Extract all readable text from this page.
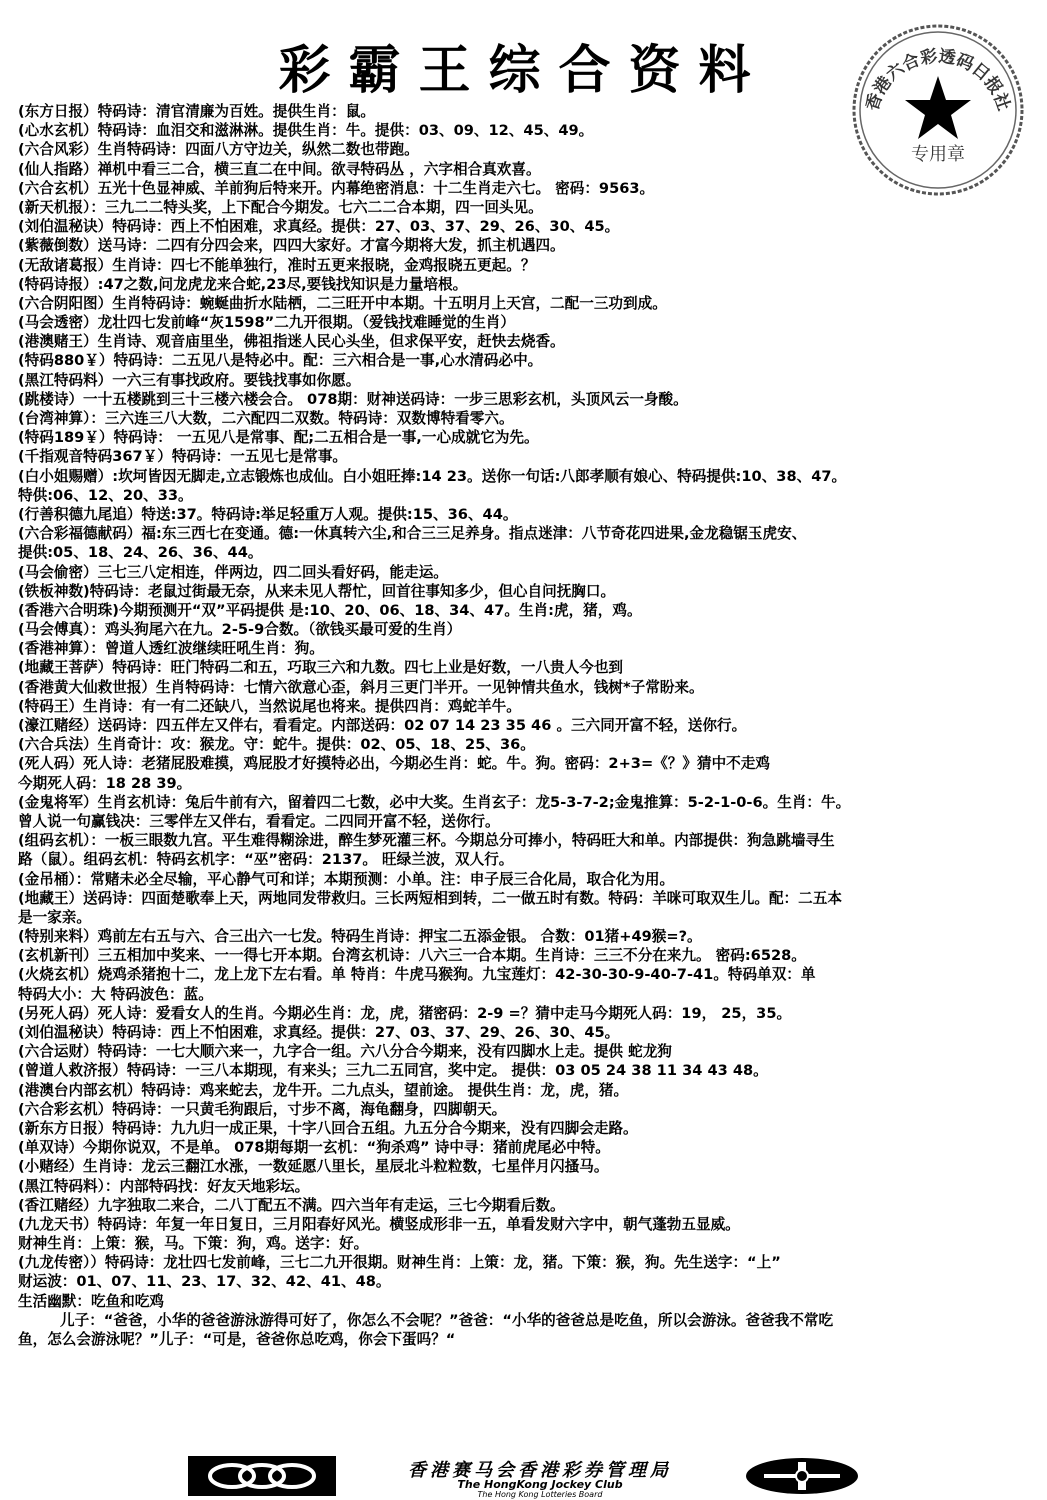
彩霸王综合资料
香港六合彩透码日报社
专用章
(东方日报）特码诗：清官清廉为百姓。提供生肖：鼠。
(心水玄机）特码诗：血泪交和滋淋淋。提供生肖：牛。提供：03、09、12、45、49。
(六合风彩）生肖特码诗：四面八方守边关，纵然二数也带跑。
(仙人指路）禅机中看三二合，横三直二在中间。欲寻特码丛 ，六字相合真欢喜。
(六合玄机）五光十色显神威、羊前狗后特来开。内幕绝密消息：十二生肖走六七。 密码：9563。
(新天机报）：三九二二特头奖，上下配合今期发。七六二二合本期，四一回头见。
(刘伯温秘诀）特码诗：西上不怕困难，求真经。提供：27、03、37、29、26、30、45。
(紫薇倒数）送马诗：二四有分四会来，四四大家好。才富今期将大发，抓主机遇四。
(无敌诸葛报）生肖诗：四七不能单独行，准时五更来报晓，金鸡报晓五更起。？
(特码诗报）:47之数,问龙虎龙来合蛇,23尽,要钱找知识是力量培根。
(六合阴阳图）生肖特码诗：蜿蜒曲折水陆栖，二三旺开中本期。十五明月上天宫，二配一三功到成。
(马会透密）龙壮四七发前峰“灰1598”二九开很期。（爱钱找难睡觉的生肖）
(港澳赌王）生肖诗、观音庙里坐，佛祖指迷人民心头坐，但求保平安，赶快去烧香。
(特码880￥）特码诗：二五见八是特必中。配：三六相合是一事,心水清码必中。
(黑江特码料）一六三有事找政府。要钱找事如你愿。
(跳楼诗）一十五楼跳到三十三楼六楼会合。 078期：财神送码诗：一步三思彩玄机，头顶风云一身酸。
(台湾神算）：三六连三八大数，二六配四二双数。特码诗：双数博特看零六。
(特码189￥）特码诗： 一五见八是常事、配;二五相合是一事,一心成就它为先。
(千指观音特码367￥）特码诗：一五见七是常事。
(白小姐赐赠）:坎坷皆因无脚走,立志锻炼也成仙。白小姐旺捧:14 23。送你一句话:八郎孝顺有娘心、特码提供:10、38、47。
特供:06、12、20、33。
(行善积德九尾追）特送:37。特码诗:举足轻重万人观。提供:15、36、44。
(六合彩福德献码）福:东三西七在变通。德:一休真转六尘,和合三三足养身。指点迷津：八节奇花四进果,金龙稳锯玉虎安、
提供:05、18、24、26、36、44。
(马会偷密）三七三八定相连，伴两边，四二回头看好码，能走运。
(铁板神数)特码诗：老鼠过街最无奈，从来未见人帮忙，回首往事知多少，但心自问抚胸口。
(香港六合明珠)今期预测开“双”平码提供 是:10、20、06、18、34、47。生肖:虎，猪，鸡。
(马会傅真）：鸡头狗尾六在九。2-5-9合数。（欲钱买最可爱的生肖）
(香港神算）：曾道人透红波继续旺吼生肖：狗。
(地藏王菩萨）特码诗：旺门特码二和五，巧取三六和九数。四七上业是好数，一八贵人今也到
(香港黄大仙救世报）生肖特码诗：七情六欲意心歪，斜月三更门半开。一见钟情共鱼水，钱树*子常盼来。
(特码王）生肖诗：有一有二还缺八，当然说尾也将来。提供四肖：鸡蛇羊牛。
(濠江赌经）送码诗：四五伴左又伴右，看看定。内部送码：02 07 14 23 35 46 。三六同开富不轻，送你行。
(六合兵法）生肖奇计：攻：猴龙。守：蛇牛。提供：02、05、18、25、36。
(死人码）死人诗：老猪屁股难摸，鸡屁股才好摸特必出，今期必生肖：蛇。牛。狗。密码：2+3=《？》猜中不走鸡
今期死人码：18 28 39。
(金鬼将军）生肖玄机诗：兔后牛前有六，留着四二七数，必中大奖。生肖玄子：龙5-3-7-2;金鬼推算：5-2-1-0-6。生肖：牛。
曾人说一句赢钱决：三零伴左又伴右，看看定。二四同开富不轻，送你行。
(组码玄机）：一板三眼数九宫。平生难得糊涂进，醉生梦死灌三杯。今期总分可捧小，特码旺大和单。内部提供：狗急跳墙寻生
路（鼠）。组码玄机：特码玄机字：“巫”密码：2137。 旺绿兰波，双人行。
(金吊桶）：常赌未必全尽输，平心静气可和详；本期预测：小单。注：申子辰三合化局，取合化为用。
(地藏王）送码诗：四面楚歌奉上天，两地同发带救归。三长两短相到转，二一做五时有数。特码：羊咪可取双生儿。配：二五本
是一家亲。
(特别来料）鸡前左右五与六、合三出六一七发。特码生肖诗：押宝二五添金银。 合数：01猪+49猴=?。
(玄机新刊）三五相加中奖来、一一得七开本期。台湾玄机诗：八六三一合本期。生肖诗：三三不分在来九。 密码:6528。
(火烧玄机）烧鸡杀猪抱十二，龙上龙下左右看。单 特肖：牛虎马猴狗。九宝莲灯：42-30-30-9-40-7-41。特码单双：单
特码大小：大 特码波色：蓝。
(另死人码）死人诗：爱看女人的生肖。今期必生肖：龙，虎，猪密码：2-9 =？猜中走马今期死人码：19， 25，35。
(刘伯温秘诀）特码诗：西上不怕困难，求真经。提供：27、03、37、29、26、30、45。
(六合运财）特码诗：一七大顺六来一，九字合一组。六八分合今期来，没有四脚水上走。提供 蛇龙狗
(曾道人救济报）特码诗：一三八本期现，有来头；三九二五同宫，奖中定。 提供：03 05 24 38 11 34 43 48。
(港澳台内部玄机）特码诗：鸡来蛇去，龙牛开。二九点头，望前途。 提供生肖：龙，虎，猪。
(六合彩玄机）特码诗：一只黄毛狗跟后，寸步不离，海龟翻身，四脚朝天。
(新东方日报）特码诗：九九归一成正果，十字八回合五组。九五分合今期来，没有四脚会走路。
(单双诗）今期你说双，不是单。 078期每期一玄机：“狗杀鸡” 诗中寻：猪前虎尾必中特。
(小赌经）生肖诗：龙云三翻江水涨，一数延愿八里长，星辰北斗粒粒数，七星伴月闪搔马。
(黑江特码料）：内部特码找：好友天地彩坛。
(香江赌经）九字独取二来合，二八丁配五不满。四六当年有走运，三七今期看后数。
(九龙天书）特码诗：年复一年日复日，三月阳春好风光。横竖成形非一五，单看发财六字中，朝气蓬勃五显威。
财神生肖：上策：猴，马。下策：狗，鸡。送字：好。
(九龙传密））特码诗：龙壮四七发前峰，三七二九开很期。财神生肖：上策：龙，猪。下策：猴，狗。先生送字：“上”
财运波：01、07、11、23、17、32、42、41、48。
生活幽默：吃鱼和吃鸡
儿子：“爸爸，小华的爸爸游泳游得可好了，你怎么不会呢？”爸爸：“小华的爸爸总是吃鱼，所以会游泳。爸爸我不常吃
鱼，怎么会游泳呢？”儿子：“可是，爸爸你总吃鸡，你会下蛋吗？“
香港赛马会香港彩券管理局
The HongKong Jockey Club
The Hong Kong Lotteries Board
